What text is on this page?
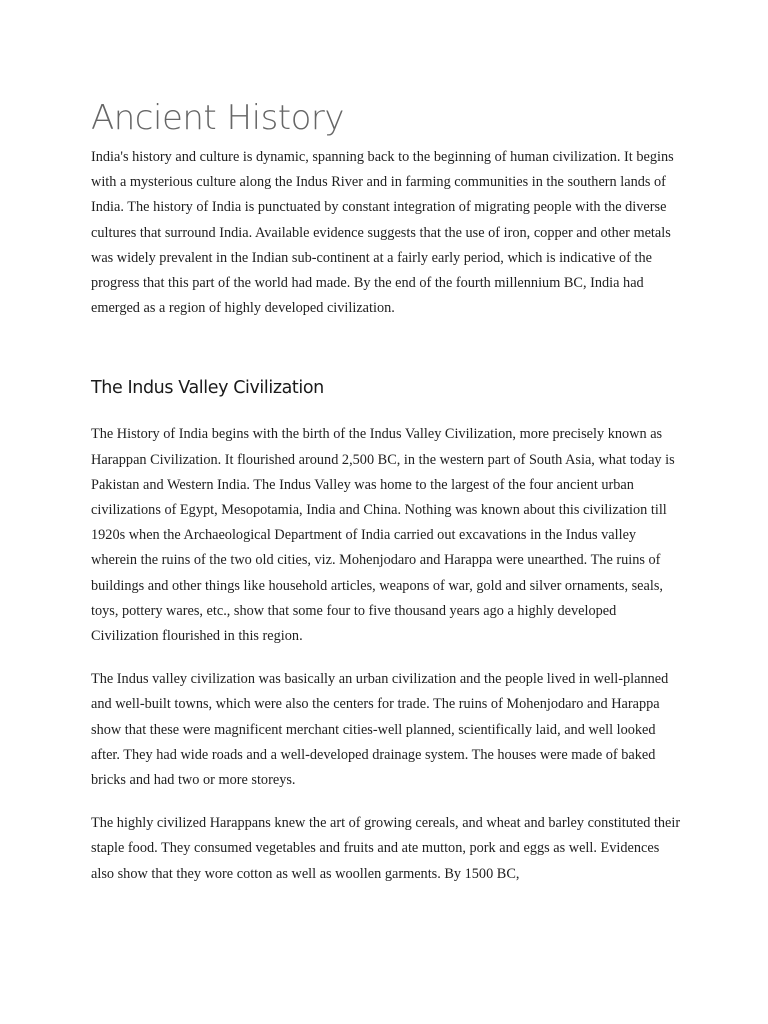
Ancient History

India's history and culture is dynamic, spanning back to the beginning of human civilization. It begins with a mysterious culture along the Indus River and in farming communities in the southern lands of India. The history of India is punctuated by constant integration of migrating people with the diverse cultures that surround India. Available evidence suggests that the use of iron, copper and other metals was widely prevalent in the Indian sub-continent at a fairly early period, which is indicative of the progress that this part of the world had made. By the end of the fourth millennium BC, India had emerged as a region of highly developed civilization.

The Indus Valley Civilization

The History of India begins with the birth of the Indus Valley Civilization, more precisely known as Harappan Civilization. It flourished around 2,500 BC, in the western part of South Asia, what today is Pakistan and Western India. The Indus Valley was home to the largest of the four ancient urban civilizations of Egypt, Mesopotamia, India and China. Nothing was known about this civilization till 1920s when the Archaeological Department of India carried out excavations in the Indus valley wherein the ruins of the two old cities, viz. Mohenjodaro and Harappa were unearthed. The ruins of buildings and other things like household articles, weapons of war, gold and silver ornaments, seals, toys, pottery wares, etc., show that some four to five thousand years ago a highly developed Civilization flourished in this region.

The Indus valley civilization was basically an urban civilization and the people lived in well-planned and well-built towns, which were also the centers for trade. The ruins of Mohenjodaro and Harappa show that these were magnificent merchant cities-well planned, scientifically laid, and well looked after. They had wide roads and a well-developed drainage system. The houses were made of baked bricks and had two or more storeys.

The highly civilized Harappans knew the art of growing cereals, and wheat and barley constituted their staple food. They consumed vegetables and fruits and ate mutton, pork and eggs as well. Evidences also show that they wore cotton as well as woollen garments. By 1500 BC,
